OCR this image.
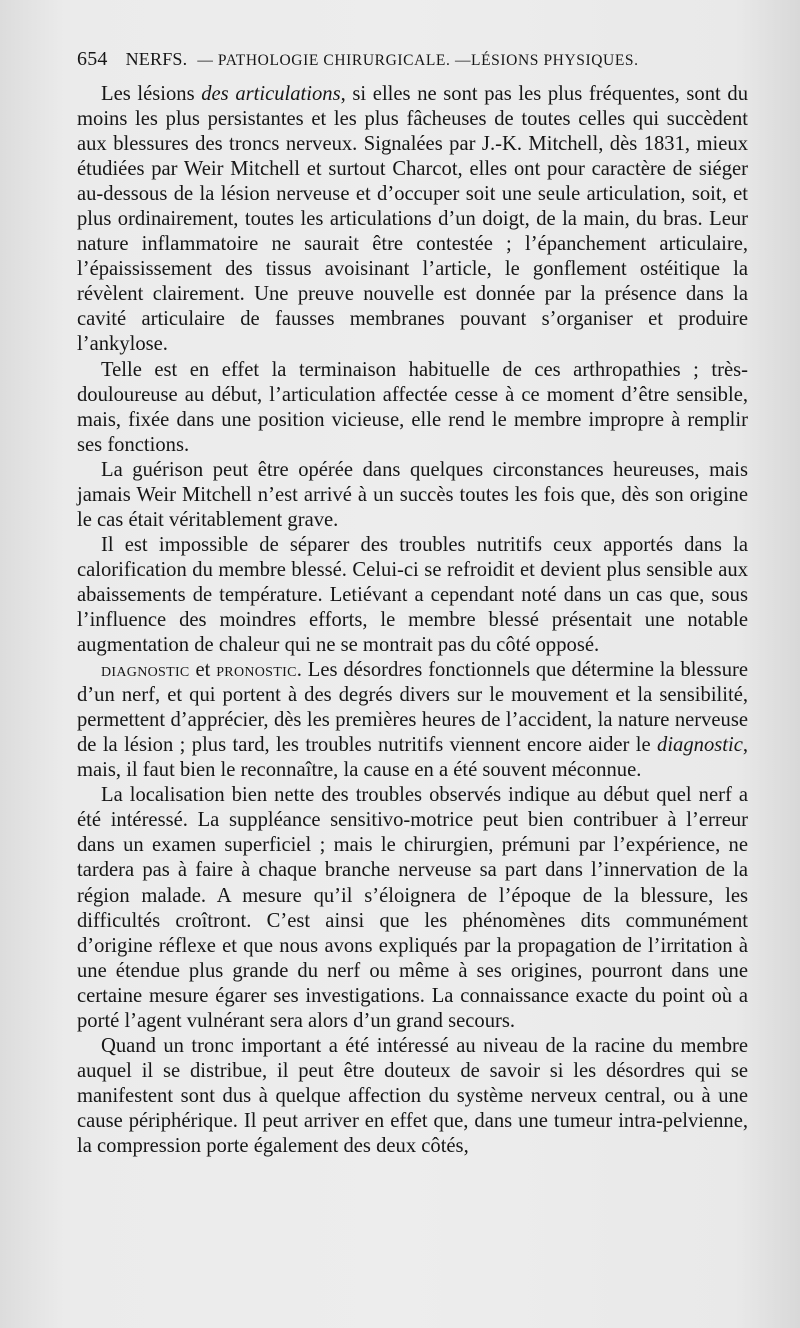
654 NERFS. — PATHOLOGIE CHIRURGICALE. —LÉSIONS PHYSIQUES.

Les lésions des articulations, si elles ne sont pas les plus fréquentes, sont du moins les plus persistantes et les plus fâcheuses de toutes celles qui succèdent aux blessures des troncs nerveux. Signalées par J.-K. Mitchell, dès 1831, mieux étudiées par Weir Mitchell et surtout Charcot, elles ont pour caractère de siéger au-dessous de la lésion nerveuse et d’occuper soit une seule articulation, soit, et plus ordinairement, toutes les articulations d’un doigt, de la main, du bras. Leur nature inflammatoire ne saurait être contestée ; l’épanchement articulaire, l’épaississement des tissus avoisinant l’article, le gonflement ostéitique la révèlent clairement. Une preuve nouvelle est donnée par la présence dans la cavité articulaire de fausses membranes pouvant s’organiser et produire l’ankylose.

Telle est en effet la terminaison habituelle de ces arthropathies ; très-douloureuse au début, l’articulation affectée cesse à ce moment d’être sensible, mais, fixée dans une position vicieuse, elle rend le membre impropre à remplir ses fonctions.

La guérison peut être opérée dans quelques circonstances heureuses, mais jamais Weir Mitchell n’est arrivé à un succès toutes les fois que, dès son origine le cas était véritablement grave.

Il est impossible de séparer des troubles nutritifs ceux apportés dans la calorification du membre blessé. Celui-ci se refroidit et devient plus sensible aux abaissements de température. Letiévant a cependant noté dans un cas que, sous l’influence des moindres efforts, le membre blessé présentait une notable augmentation de chaleur qui ne se montrait pas du côté opposé.

diagnostic et pronostic. Les désordres fonctionnels que détermine la blessure d’un nerf, et qui portent à des degrés divers sur le mouvement et la sensibilité, permettent d’apprécier, dès les premières heures de l’accident, la nature nerveuse de la lésion ; plus tard, les troubles nutritifs viennent encore aider le diagnostic, mais, il faut bien le reconnaître, la cause en a été souvent méconnue.

La localisation bien nette des troubles observés indique au début quel nerf a été intéressé. La suppléance sensitivo-motrice peut bien contribuer à l’erreur dans un examen superficiel ; mais le chirurgien, prémuni par l’expérience, ne tardera pas à faire à chaque branche nerveuse sa part dans l’innervation de la région malade. A mesure qu’il s’éloignera de l’époque de la blessure, les difficultés croîtront. C’est ainsi que les phénomènes dits communément d’origine réflexe et que nous avons expliqués par la propagation de l’irritation à une étendue plus grande du nerf ou même à ses origines, pourront dans une certaine mesure égarer ses investigations. La connaissance exacte du point où a porté l’agent vulnérant sera alors d’un grand secours.

Quand un tronc important a été intéressé au niveau de la racine du membre auquel il se distribue, il peut être douteux de savoir si les désordres qui se manifestent sont dus à quelque affection du système nerveux central, ou à une cause périphérique. Il peut arriver en effet que, dans une tumeur intra-pelvienne, la compression porte également des deux côtés,
